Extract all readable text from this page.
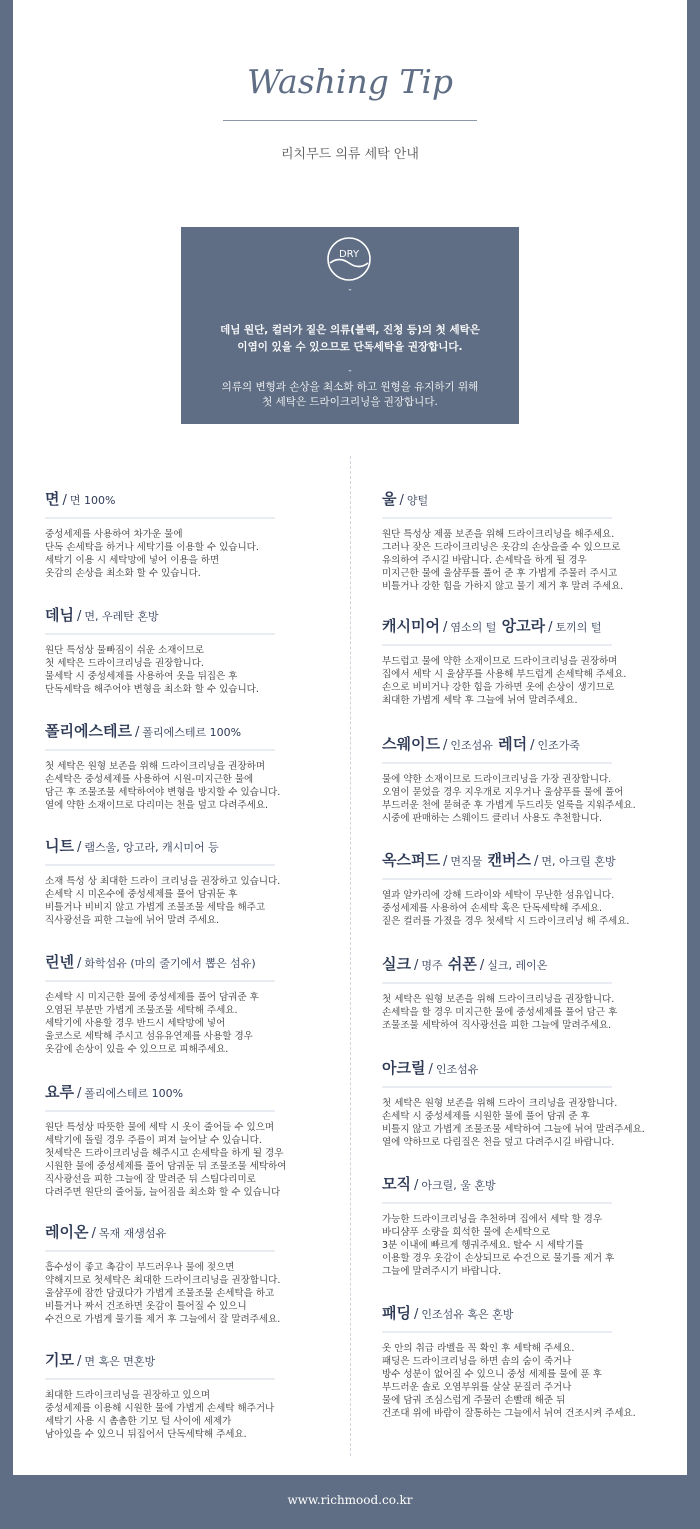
Washing Tip
리치무드 의류 세탁 안내
DRY
-
데님 원단, 컬러가 짙은 의류(블랙, 진청 등)의 첫 세탁은
이염이 있을 수 있으므로 단독세탁을 권장합니다.
-
의류의 변형과 손상을 최소화 하고 원형을 유지하기 위해
첫 세탁은 드라이크리닝을 권장합니다.
면 / 면 100%
중성세제를 사용하여 차가운 물에
단독 손세탁을 하거나 세탁기를 이용할 수 있습니다.
세탁기 이용 시 세탁망에 넣어 이용을 하면
옷감의 손상을 최소화 할 수 있습니다.
데님 / 면, 우레탄 혼방
원단 특성상 물빠짐이 쉬운 소재이므로
첫 세탁은 드라이크리닝을 권장합니다.
물세탁 시 중성세제를 사용하여 옷을 뒤집은 후
단독세탁을 해주어야 변형을 최소화 할 수 있습니다.
폴리에스테르 / 폴리에스테르 100%
첫 세탁은 원형 보존을 위해 드라이크리닝을 권장하며
손세탁은 중성세제를 사용하여 시원-미지근한 물에
담근 후 조물조물 세탁하여야 변형을 방지할 수 있습니다.
열에 약한 소재이므로 다리미는 천을 덮고 다려주세요.
니트 / 램스울, 앙고라, 캐시미어 등
소재 특성 상 최대한 드라이 크리닝을 권장하고 있습니다.
손세탁 시 미온수에 중성세제를 풀어 담궈둔 후
비틀거나 비비지 않고 가볍게 조물조물 세탁을 해주고
직사광선을 피한 그늘에 뉘어 말려 주세요.
린넨 / 화학섬유 (마의 줄기에서 뽑은 섬유)
손세탁 시 미지근한 물에 중성세제를 풀어 담궈준 후
오염된 부분만 가볍게 조물조물 세탁해 주세요.
세탁기에 사용할 경우 반드시 세탁망에 넣어
울코스로 세탁해 주시고 섬유유연제를 사용할 경우
옷감에 손상이 있을 수 있으므로 피해주세요.
요루 / 폴리에스테르 100%
원단 특성상 따뜻한 물에 세탁 시 옷이 줄어들 수 있으며
세탁기에 돌릴 경우 주름이 펴져 늘어날 수 있습니다.
첫세탁은 드라이크리닝을 해주시고 손세탁을 하게 될 경우
시원한 물에 중성세제를 풀어 담궈둔 뒤 조물조물 세탁하여
직사광선을 피한 그늘에 잘 말려준 뒤 스팀다리미로
다려주면 원단의 줄어듦, 늘어짐을 최소화 할 수 있습니다
레이온 / 목재 재생섬유
흡수성이 좋고 촉감이 부드러우나 물에 젖으면
약해지므로 첫세탁은 최대한 드라이크리닝을 권장합니다.
울샴푸에 잠깐 담궜다가 가볍게 조물조물 손세탁을 하고
비틀거나 짜서 건조하면 옷감이 틀어질 수 있으니
수건으로 가볍게 물기를 제거 후 그늘에서 잘 말려주세요.
기모 / 면 혹은 면혼방
최대한 드라이크리닝을 권장하고 있으며
중성세제를 이용해 시원한 물에 가볍게 손세탁 해주거나
세탁기 사용 시 촘촘한 기모 털 사이에 세제가
남아있을 수 있으니 뒤집어서 단독세탁해 주세요.
울 / 양털
원단 특성상 제품 보존을 위해 드라이크리닝을 해주세요.
그러나 잦은 드라이크리닝은 옷감의 손상을줄 수 있으므로
유의하여 주시길 바랍니다. 손세탁을 하게 될 경우
미지근한 물에 울샴푸를 풀어 준 후 가볍게 주물러 주시고
비틀거나 강한 힘을 가하지 않고 물기 제거 후 말려 주세요.
캐시미어 / 염소의 털 앙고라 / 토끼의 털
부드럽고 물에 약한 소재이므로 드라이크리닝을 권장하며
집에서 세탁 시 울샴푸를 사용해 부드럽게 손세탁해 주세요.
손으로 비비거나 강한 힘을 가하면 옷에 손상이 생기므로
최대한 가볍게 세탁 후 그늘에 뉘여 말려주세요.
스웨이드 / 인조섬유 레더 / 인조가죽
물에 약한 소재이므로 드라이크리닝을 가장 권장합니다.
오염이 묻었을 경우 지우개로 지우거나 울샴푸를 물에 풀어
부드러운 천에 묻혀준 후 가볍게 두드리듯 얼룩을 지워주세요.
시중에 판매하는 스웨이드 클리너 사용도 추천합니다.
옥스퍼드 / 면직물 캔버스 / 면, 아크릴 혼방
열과 알카리에 강해 드라이와 세탁이 무난한 섬유입니다.
중성세제를 사용하여 손세탁 혹은 단독세탁해 주세요.
짙은 컬러를 가졌을 경우 첫세탁 시 드라이크리닝 해 주세요.
실크 / 명주 쉬폰 / 실크, 레이온
첫 세탁은 원형 보존을 위해 드라이크리닝을 권장합니다.
손세탁을 할 경우 미지근한 물에 중성세제를 풀어 담근 후
조물조물 세탁하여 직사광선을 피한 그늘에 말려주세요.
아크릴 / 인조섬유
첫 세탁은 원형 보존을 위해 드라이 크리닝을 권장합니다.
손세탁 시 중성세제를 시원한 물에 풀어 담궈 준 후
비틀지 않고 가볍게 조물조물 세탁하여 그늘에 뉘여 말려주세요.
열에 약하므로 다림질은 천을 덮고 다려주시길 바랍니다.
모직 / 아크릴, 울 혼방
가능한 드라이크리닝을 추천하며 집에서 세탁 할 경우
바디샴푸 소량을 희석한 물에 손세탁으로
3분 이내에 빠르게 헹궈주세요. 탈수 시 세탁기를
이용할 경우 옷감이 손상되므로 수건으로 물기를 제거 후
그늘에 말려주시기 바랍니다.
패딩 / 인조섬유 혹은 혼방
옷 안의 취급 라벨을 꼭 확인 후 세탁해 주세요.
패딩은 드라이크리닝을 하면 솜의 숨이 죽거나
방수 성분이 없어질 수 있으니 중성 세제를 물에 푼 후
부드러운 솔로 오염부위를 살살 문질러 주거나
물에 담궈 조심스럽게 주물러 손빨래 해준 뒤
건조대 위에 바람이 잘통하는 그늘에서 뉘여 건조시켜 주세요.
www.richmood.co.kr
